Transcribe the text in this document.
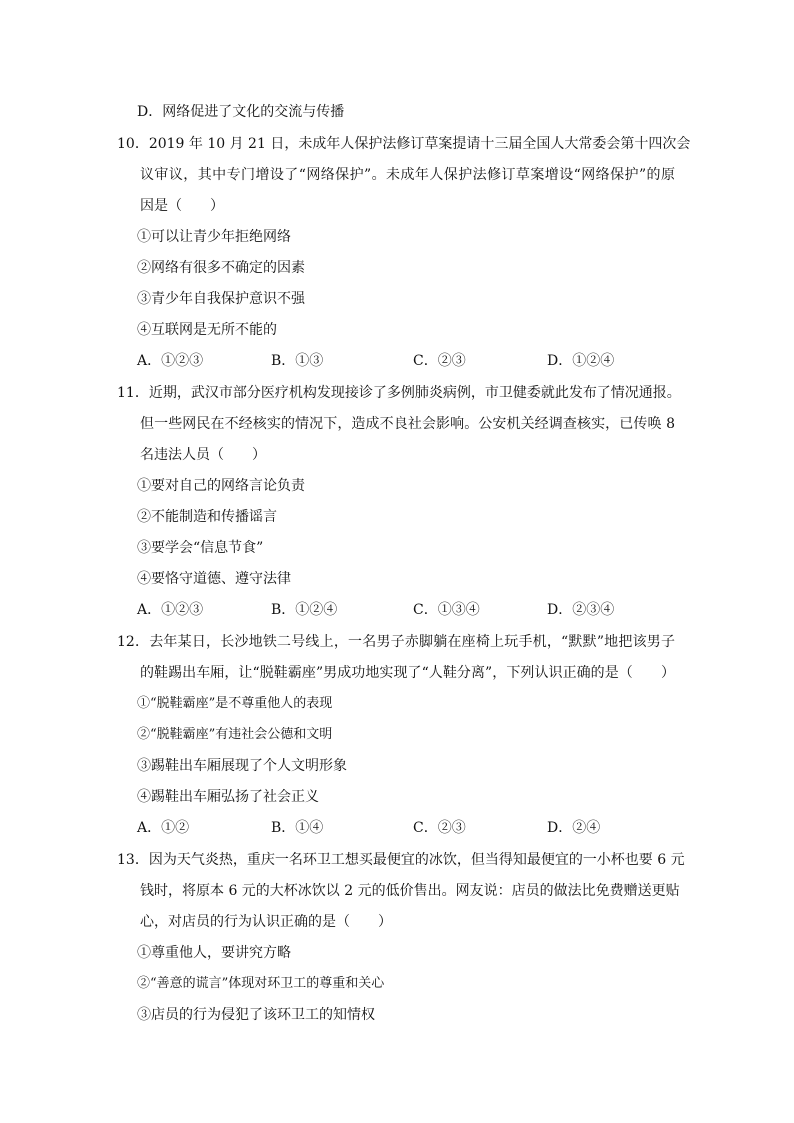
D．网络促进了文化的交流与传播
10．2019 年 10 月 21 日，未成年人保护法修订草案提请十三届全国人大常委会第十四次会
议审议，其中专门增设了“网络保护”。未成年人保护法修订草案增设“网络保护”的原
因是（　　）
①可以让青少年拒绝网络
②网络有很多不确定的因素
③青少年自我保护意识不强
④互联网是无所不能的
A．①②③	B．①③	C．②③	D．①②④
11．近期，武汉市部分医疗机构发现接诊了多例肺炎病例，市卫健委就此发布了情况通报。
但一些网民在不经核实的情况下，造成不良社会影响。公安机关经调查核实，已传唤 8
名违法人员（　　）
①要对自己的网络言论负责
②不能制造和传播谣言
③要学会“信息节食”
④要恪守道德、遵守法律
A．①②③	B．①②④	C．①③④	D．②③④
12．去年某日，长沙地铁二号线上，一名男子赤脚躺在座椅上玩手机，“默默”地把该男子
的鞋踢出车厢，让“脱鞋霸座”男成功地实现了“人鞋分离”，下列认识正确的是（　　）
①“脱鞋霸座”是不尊重他人的表现
②“脱鞋霸座”有违社会公德和文明
③踢鞋出车厢展现了个人文明形象
④踢鞋出车厢弘扬了社会正义
A．①②	B．①④	C．②③	D．②④
13．因为天气炎热，重庆一名环卫工想买最便宜的冰饮，但当得知最便宜的一小杯也要 6 元
钱时，将原本 6 元的大杯冰饮以 2 元的低价售出。网友说：店员的做法比免费赠送更贴
心，对店员的行为认识正确的是（　　）
①尊重他人，要讲究方略
②“善意的谎言”体现对环卫工的尊重和关心
③店员的行为侵犯了该环卫工的知情权
